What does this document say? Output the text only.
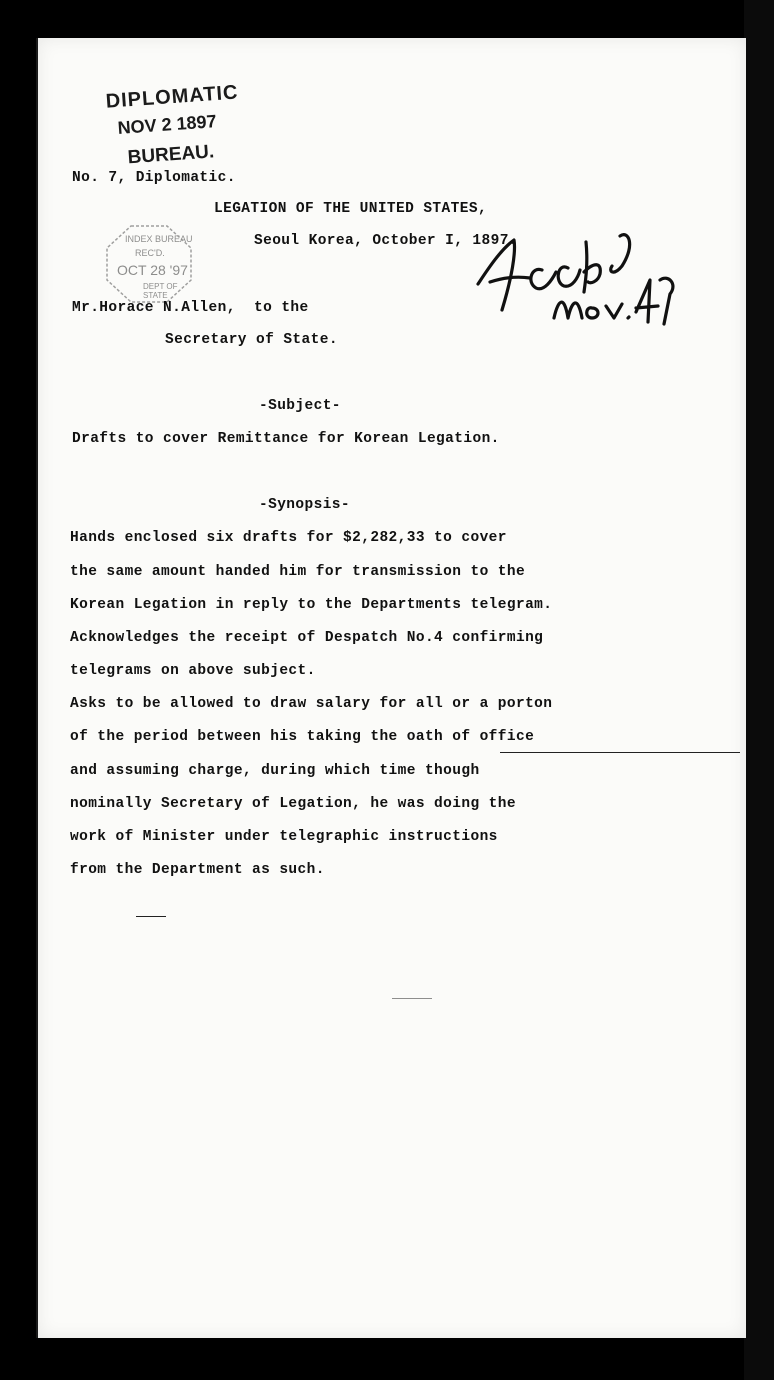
DIPLOMATIC
NOV 2 1897
BUREAU.
INDEX BUREAU
REC'D.
OCT 28 '97
DEPT OF STATE
No. 7, Diplomatic.
LEGATION OF THE UNITED STATES,
Seoul Korea, October I, 1897.
Mr.Horace N.Allen,  to the
Secretary of State.
-Subject-
Drafts to cover Remittance for Korean Legation.
-Synopsis-
Hands enclosed six drafts for $2,282,33 to cover
the same amount handed him for transmission to the
Korean Legation in reply to the Departments telegram.
Acknowledges the receipt of Despatch No.4 confirming
telegrams on above subject.
Asks to be allowed to draw salary for all or a porton
of the period between his taking the oath of office
and assuming charge, during which time though
nominally Secretary of Legation, he was doing the
work of Minister under telegraphic instructions
from the Department as such.
